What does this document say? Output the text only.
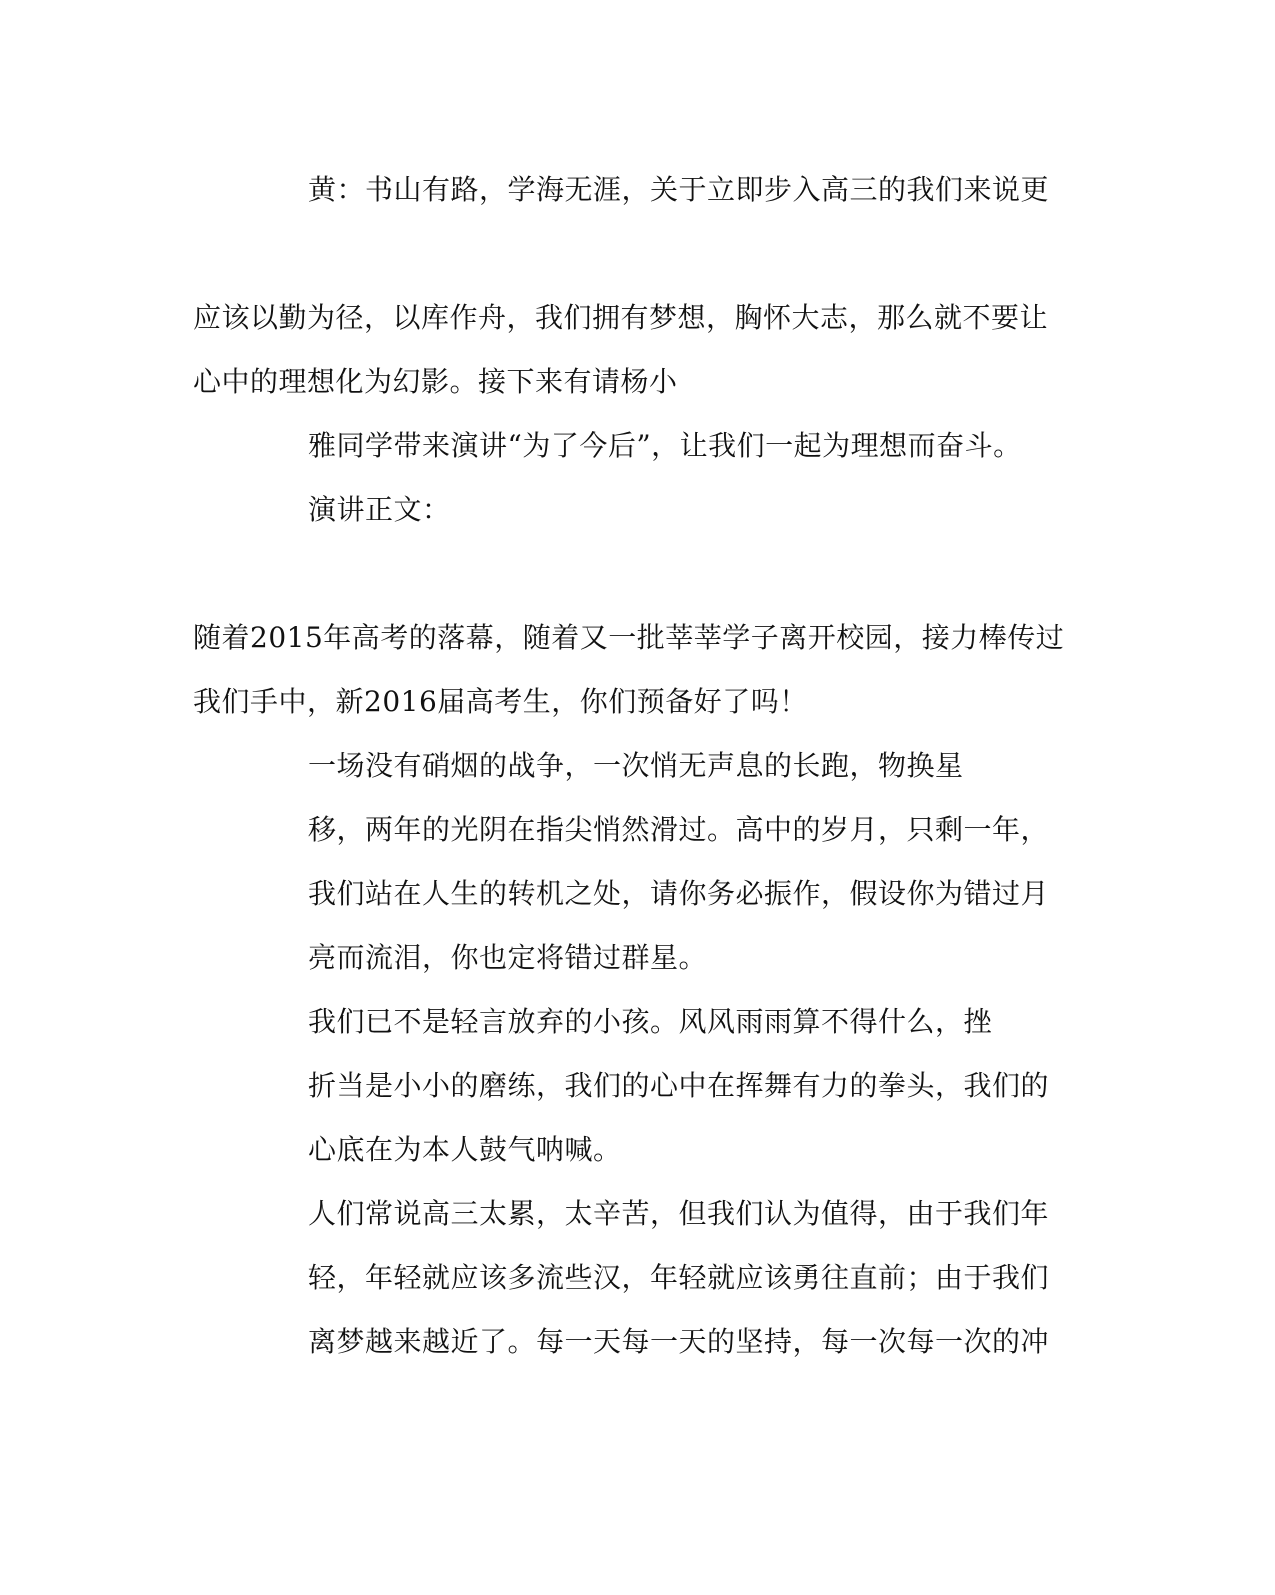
黄：书山有路，学海无涯，关于立即步入高三的我们来说更
应该以勤为径，以库作舟，我们拥有梦想，胸怀大志，那么就不要让
心中的理想化为幻影。接下来有请杨小
雅同学带来演讲“为了今后”，让我们一起为理想而奋斗。
演讲正文：
随着2015年高考的落幕，随着又一批莘莘学子离开校园，接力棒传过
我们手中，新2016届高考生，你们预备好了吗！
一场没有硝烟的战争，一次悄无声息的长跑，物换星
移，两年的光阴在指尖悄然滑过。高中的岁月，只剩一年，
我们站在人生的转机之处，请你务必振作，假设你为错过月
亮而流泪，你也定将错过群星。
我们已不是轻言放弃的小孩。风风雨雨算不得什么，挫
折当是小小的磨练，我们的心中在挥舞有力的拳头，我们的
心底在为本人鼓气呐喊。
人们常说高三太累，太辛苦，但我们认为值得，由于我们年
轻，年轻就应该多流些汉，年轻就应该勇往直前；由于我们
离梦越来越近了。每一天每一天的坚持，每一次每一次的冲
